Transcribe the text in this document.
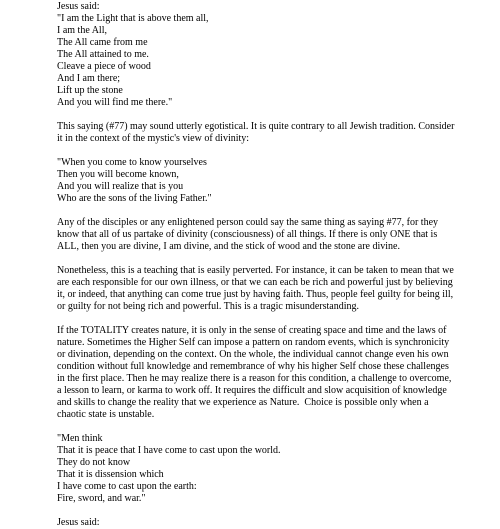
Jesus said:
"I am the Light that is above them all,
I am the All,
The All came from me
The All attained to me.
Cleave a piece of wood
And I am there;
Lift up the stone
And you will find me there."
This saying (#77) may sound utterly egotistical. It is quite contrary to all Jewish tradition. Consider
it in the context of the mystic's view of divinity:
"When you come to know yourselves
Then you will become known,
And you will realize that is you
Who are the sons of the living Father."
Any of the disciples or any enlightened person could say the same thing as saying #77, for they
know that all of us partake of divinity (consciousness) of all things. If there is only ONE that is
ALL, then you are divine, I am divine, and the stick of wood and the stone are divine.
Nonetheless, this is a teaching that is easily perverted. For instance, it can be taken to mean that we
are each responsible for our own illness, or that we can each be rich and powerful just by believing
it, or indeed, that anything can come true just by having faith. Thus, people feel guilty for being ill,
or guilty for not being rich and powerful. This is a tragic misunderstanding.
If the TOTALITY creates nature, it is only in the sense of creating space and time and the laws of
nature. Sometimes the Higher Self can impose a pattern on random events, which is synchronicity
or divination, depending on the context. On the whole, the individual cannot change even his own
condition without full knowledge and remembrance of why his higher Self chose these challenges
in the first place. Then he may realize there is a reason for this condition, a challenge to overcome,
a lesson to learn, or karma to work off. It requires the difficult and slow acquisition of knowledge
and skills to change the reality that we experience as Nature.  Choice is possible only when a
chaotic state is unstable.
"Men think
That it is peace that I have come to cast upon the world.
They do not know
That it is dissension which
I have come to cast upon the earth:
Fire, sword, and war."
Jesus said:
